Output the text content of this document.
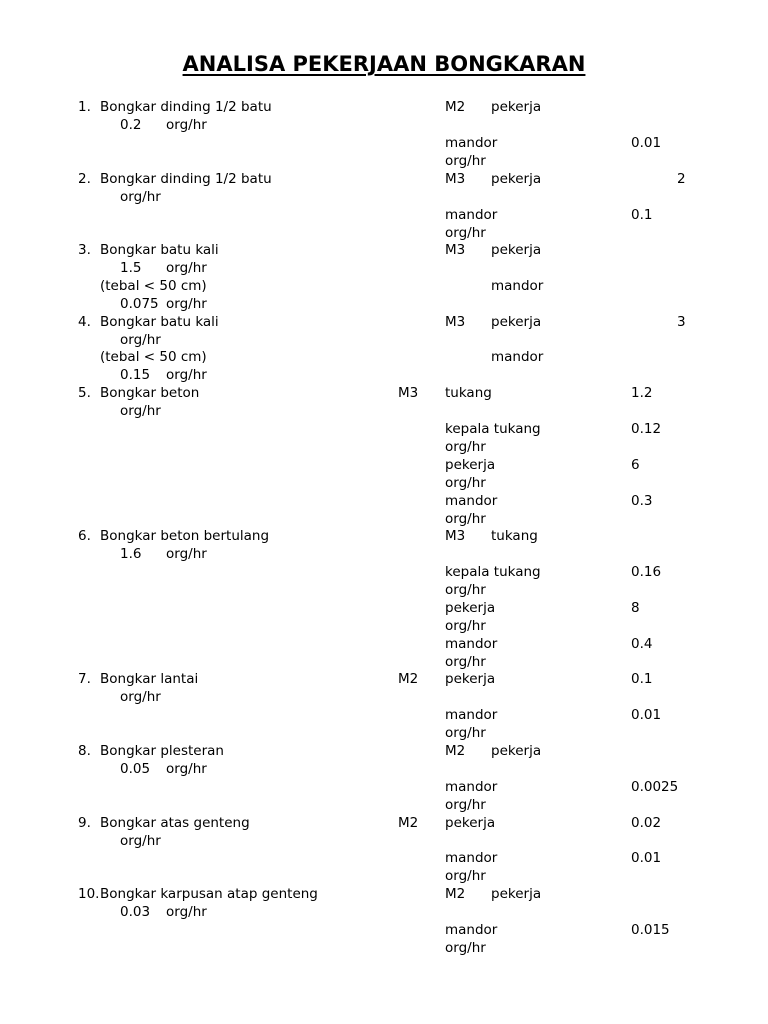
ANALISA PEKERJAAN BONGKARAN
1. Bongkar dinding 1/2 batu	M2 pekerja
0.2 org/hr
mandor	0.01
org/hr
2. Bongkar dinding 1/2 batu	M3 pekerja	2
org/hr
mandor	0.1
org/hr
3. Bongkar batu kali	M3 pekerja
1.5 org/hr
(tebal < 50 cm)	mandor
0.075 org/hr
4. Bongkar batu kali	M3 pekerja	3
org/hr
(tebal < 50 cm)	mandor
0.15 org/hr
5. Bongkar beton	M3 tukang	1.2
org/hr
kepala tukang	0.12
org/hr
pekerja	6
org/hr
mandor	0.3
org/hr
6. Bongkar beton bertulang	M3 tukang
1.6 org/hr
kepala tukang	0.16
org/hr
pekerja	8
org/hr
mandor	0.4
org/hr
7. Bongkar lantai	M2 pekerja	0.1
org/hr
mandor	0.01
org/hr
8. Bongkar plesteran	M2 pekerja
0.05 org/hr
mandor	0.0025
org/hr
9. Bongkar atas genteng	M2 pekerja	0.02
org/hr
mandor	0.01
org/hr
10. Bongkar karpusan atap genteng	M2 pekerja
0.03 org/hr
mandor	0.015
org/hr
